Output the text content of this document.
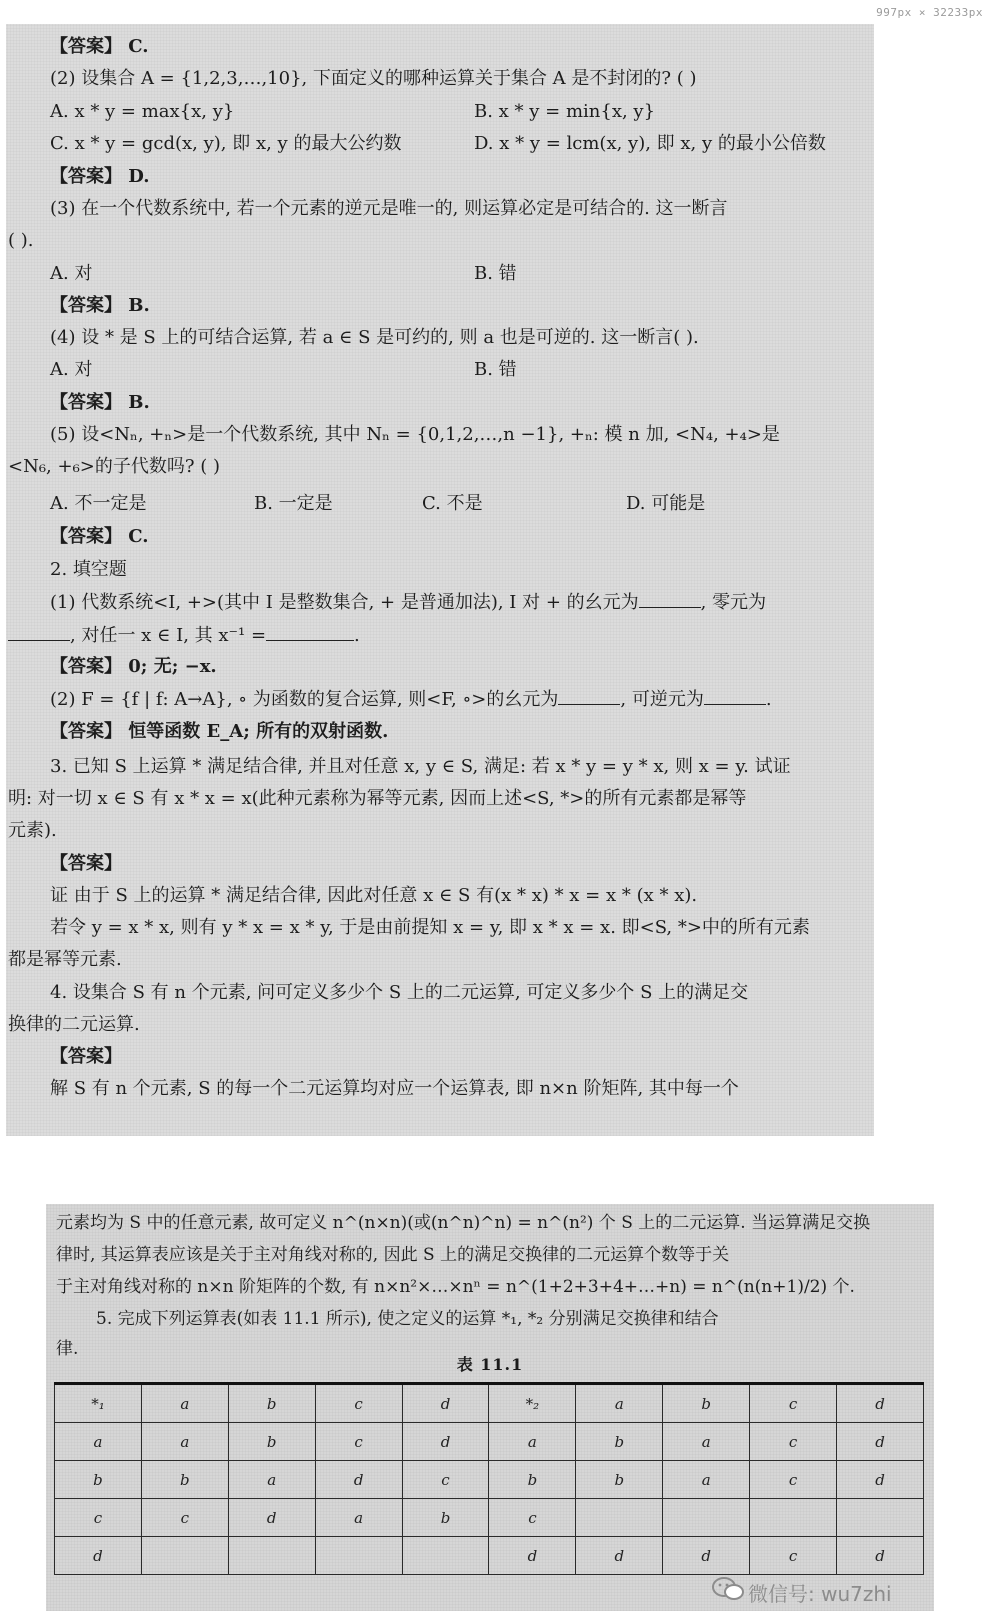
997px × 32233px
【答案】 C.
(2) 设集合 A = {1,2,3,…,10}, 下面定义的哪种运算关于集合 A 是不封闭的? ( )
A. x * y = max{x, y}	B. x * y = min{x, y}
C. x * y = gcd(x, y), 即 x, y 的最大公约数	D. x * y = lcm(x, y), 即 x, y 的最小公倍数
【答案】 D.
(3) 在一个代数系统中, 若一个元素的逆元是唯一的, 则运算必定是可结合的. 这一断言
( ).
A. 对	B. 错
【答案】 B.
(4) 设 * 是 S 上的可结合运算, 若 a ∈ S 是可约的, 则 a 也是可逆的. 这一断言( ).
A. 对	B. 错
【答案】 B.
(5) 设<Nₙ, +ₙ>是一个代数系统, 其中 Nₙ = {0,1,2,…,n −1}, +ₙ: 模 n 加, <N₄, +₄>是
<N₆, +₆>的子代数吗? ( )
A. 不一定是	B. 一定是	C. 不是	D. 可能是
【答案】 C.
2. 填空题
(1) 代数系统<I, +>(其中 I 是整数集合, + 是普通加法), I 对 + 的幺元为	, 零元为
, 对任一 x ∈ I, 其 x⁻¹ =	.
【答案】 0; 无; −x.
(2) F = {f | f: A→A}, ∘ 为函数的复合运算, 则<F, ∘>的幺元为	, 可逆元为	.
【答案】 恒等函数 E_A; 所有的双射函数.
3. 已知 S 上运算 * 满足结合律, 并且对任意 x, y ∈ S, 满足: 若 x * y = y * x, 则 x = y. 试证
明: 对一切 x ∈ S 有 x * x = x(此种元素称为幂等元素, 因而上述<S, *>的所有元素都是幂等
元素).
【答案】
证 由于 S 上的运算 * 满足结合律, 因此对任意 x ∈ S 有(x * x) * x = x * (x * x).
若令 y = x * x, 则有 y * x = x * y, 于是由前提知 x = y, 即 x * x = x. 即<S, *>中的所有元素
都是幂等元素.
4. 设集合 S 有 n 个元素, 问可定义多少个 S 上的二元运算, 可定义多少个 S 上的满足交
换律的二元运算.
【答案】
解 S 有 n 个元素, S 的每一个二元运算均对应一个运算表, 即 n×n 阶矩阵, 其中每一个
元素均为 S 中的任意元素, 故可定义 n^(n×n)(或(n^n)^n) = n^(n²) 个 S 上的二元运算. 当运算满足交换
律时, 其运算表应该是关于主对角线对称的, 因此 S 上的满足交换律的二元运算个数等于关
于主对角线对称的 n×n 阶矩阵的个数, 有 n×n²×…×nⁿ = n^(1+2+3+4+…+n) = n^(n(n+1)/2) 个.
5. 完成下列运算表(如表 11.1 所示), 使之定义的运算 *₁, *₂ 分别满足交换律和结合
律.
表 11.1
*₁	a	b	c	d	*₂	a	b	c	d
a	a	b	c	d	a	b	a	c	d
b	b	a	d	c	b	b	a	c	d
c	c	d	a	b	c				
d					d	d	d	c	d
微信号: wu7zhi
